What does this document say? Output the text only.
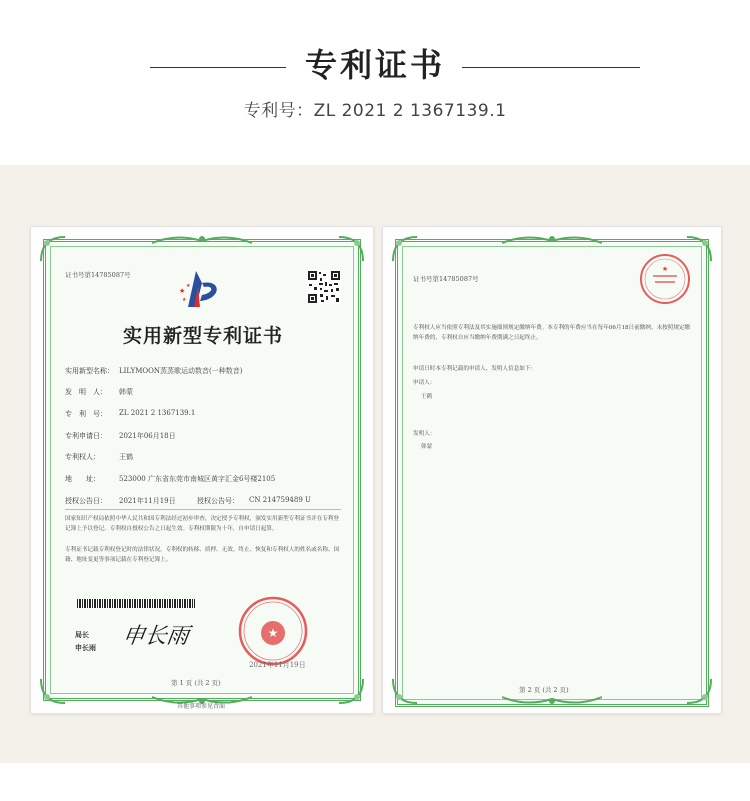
专利证书
专利号：ZL 2021 2 1367139.1
证书号第14785087号
★
★
★
实用新型专利证书
实用新型名称： LILYMOON蒸蒸歌运动数音(一种数音)
发　明　人： 韩蒙
专　利　号： ZL 2021 2 1367139.1
专利申请日： 2021年06月18日
专利权人：	王鹤
地　　址：	523000 广东省东莞市南城区黄字汇金6号楼2105
授权公告日： 2021年11月19日	授权公告号： CN 214759489 U
国家知识产权局依照中华人民共和国专利法经过初步审查，决定授予专利权，颁发实用新型专利证书并在专利登记簿上予以登记。专利权自授权公告之日起生效。专利权期限为十年，自申请日起算。
专利证书记载专利权登记时的法律状况。专利权的转移、质押、无效、终止、恢复和专利权人的姓名或名称、国籍、地址变更等事项记载在专利登记簿上。
局长
申长雨 申长雨	★
2021年11月19日
第 1 页 (共 2 页)
其他事项参见背面
证书号第14785087号
★
专利权人应当依照专利法及其实施细则规定缴纳年费。本专利的年费应当在每年06月18日前缴纳。未按照规定缴纳年费的，专利权自应当缴纳年费期满之日起终止。
申请日时本专利记载的申请人、发明人信息如下：
申请人：
王鹤
发明人：
韩蒙
第 2 页 (共 2 页)
